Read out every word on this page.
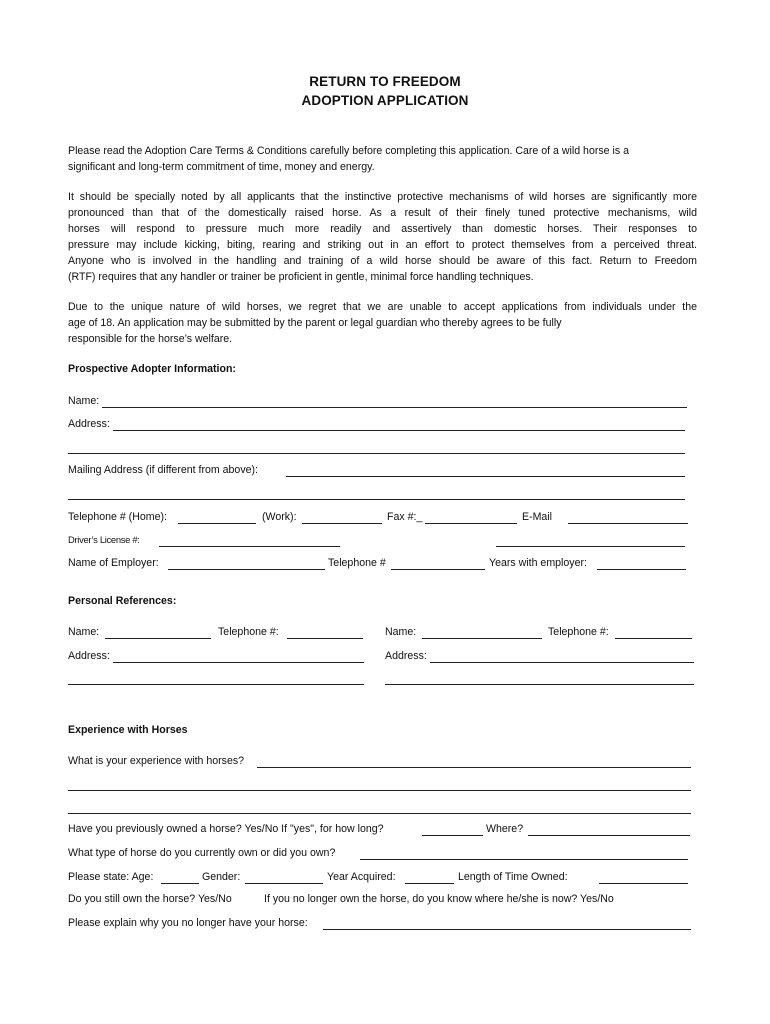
RETURN TO FREEDOM
ADOPTION APPLICATION
Please read the Adoption Care Terms & Conditions carefully before completing this application. Care of a wild horse is a
significant and long-term commitment of time, money and energy.
It should be specially noted by all applicants that the instinctive protective mechanisms of wild horses are significantly more
pronounced than that of the domestically raised horse. As a result of their finely tuned protective mechanisms, wild
horses will respond to pressure much more readily and assertively than domestic horses. Their responses to
pressure may include kicking, biting, rearing and striking out in an effort to protect themselves from a perceived threat.
Anyone who is involved in the handling and training of a wild horse should be aware of this fact. Return to Freedom
(RTF) requires that any handler or trainer be proficient in gentle, minimal force handling techniques.
Due to the unique nature of wild horses, we regret that we are unable to accept applications from individuals under the
age of 18. An application may be submitted by the parent or legal guardian who thereby agrees to be fully
responsible for the horse’s welfare.
Prospective Adopter Information:
Name:
Address:
Mailing Address (if different from above):
Telephone # (Home):	(Work):	Fax #:_	E-Mail
Driver’s License #:
Name of Employer:	Telephone #	Years with employer:
Personal References:
Name:	Telephone #:	Name:	Telephone #:
Address:	Address:
Experience with Horses
What is your experience with horses?
Have you previously owned a horse? Yes/No If "yes", for how long?	Where?
What type of horse do you currently own or did you own?
Please state: Age:	Gender:	Year Acquired:	Length of Time Owned:
Do you still own the horse? Yes/No	If you no longer own the horse, do you know where he/she is now? Yes/No
Please explain why you no longer have your horse:
